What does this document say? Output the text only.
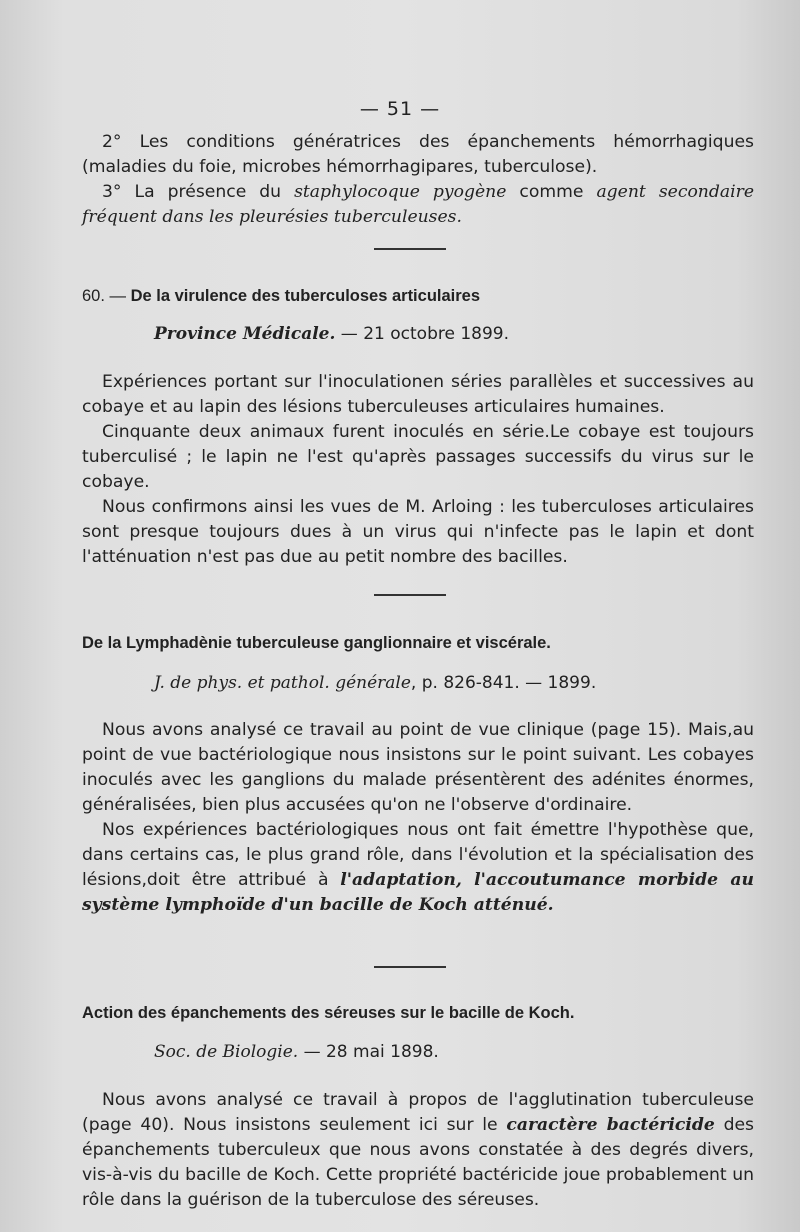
— 51 —

2° Les conditions génératrices des épanchements hémorrhagiques (maladies du foie, microbes hémorrhagipares, tuberculose).

3° La présence du staphylocoque pyogène comme agent secondaire fréquent dans les pleurésies tuberculeuses.

60. — De la virulence des tuberculoses articulaires
Province Médicale. — 21 octobre 1899.

Expériences portant sur l'inoculationen séries parallèles et successives au cobaye et au lapin des lésions tuberculeuses articulaires humaines.

Cinquante deux animaux furent inoculés en série.Le cobaye est toujours tuberculisé ; le lapin ne l'est qu'après passages successifs du virus sur le cobaye.

Nous confirmons ainsi les vues de M. Arloing : les tuberculoses articulaires sont presque toujours dues à un virus qui n'infecte pas le lapin et dont l'atténuation n'est pas due au petit nombre des bacilles.

De la Lymphadènie tuberculeuse ganglionnaire et viscérale.
J. de phys. et pathol. générale, p. 826-841. — 1899.

Nous avons analysé ce travail au point de vue clinique (page 15). Mais,au point de vue bactériologique nous insistons sur le point suivant. Les cobayes inoculés avec les ganglions du malade présentèrent des adénites énormes, généralisées, bien plus accusées qu'on ne l'observe d'ordinaire.

Nos expériences bactériologiques nous ont fait émettre l'hypothèse que, dans certains cas, le plus grand rôle, dans l'évolution et la spécialisation des lésions,doit être attribué à l'adaptation, l'accoutumance morbide au système lymphoïde d'un bacille de Koch atténué.

Action des épanchements des séreuses sur le bacille de Koch.
Soc. de Biologie. — 28 mai 1898.

Nous avons analysé ce travail à propos de l'agglutination tuberculeuse (page 40). Nous insistons seulement ici sur le caractère bactéricide des épanchements tuberculeux que nous avons constatée à des degrés divers, vis-à-vis du bacille de Koch. Cette propriété bactéricide joue probablement un rôle dans la guérison de la tuberculose des séreuses.
